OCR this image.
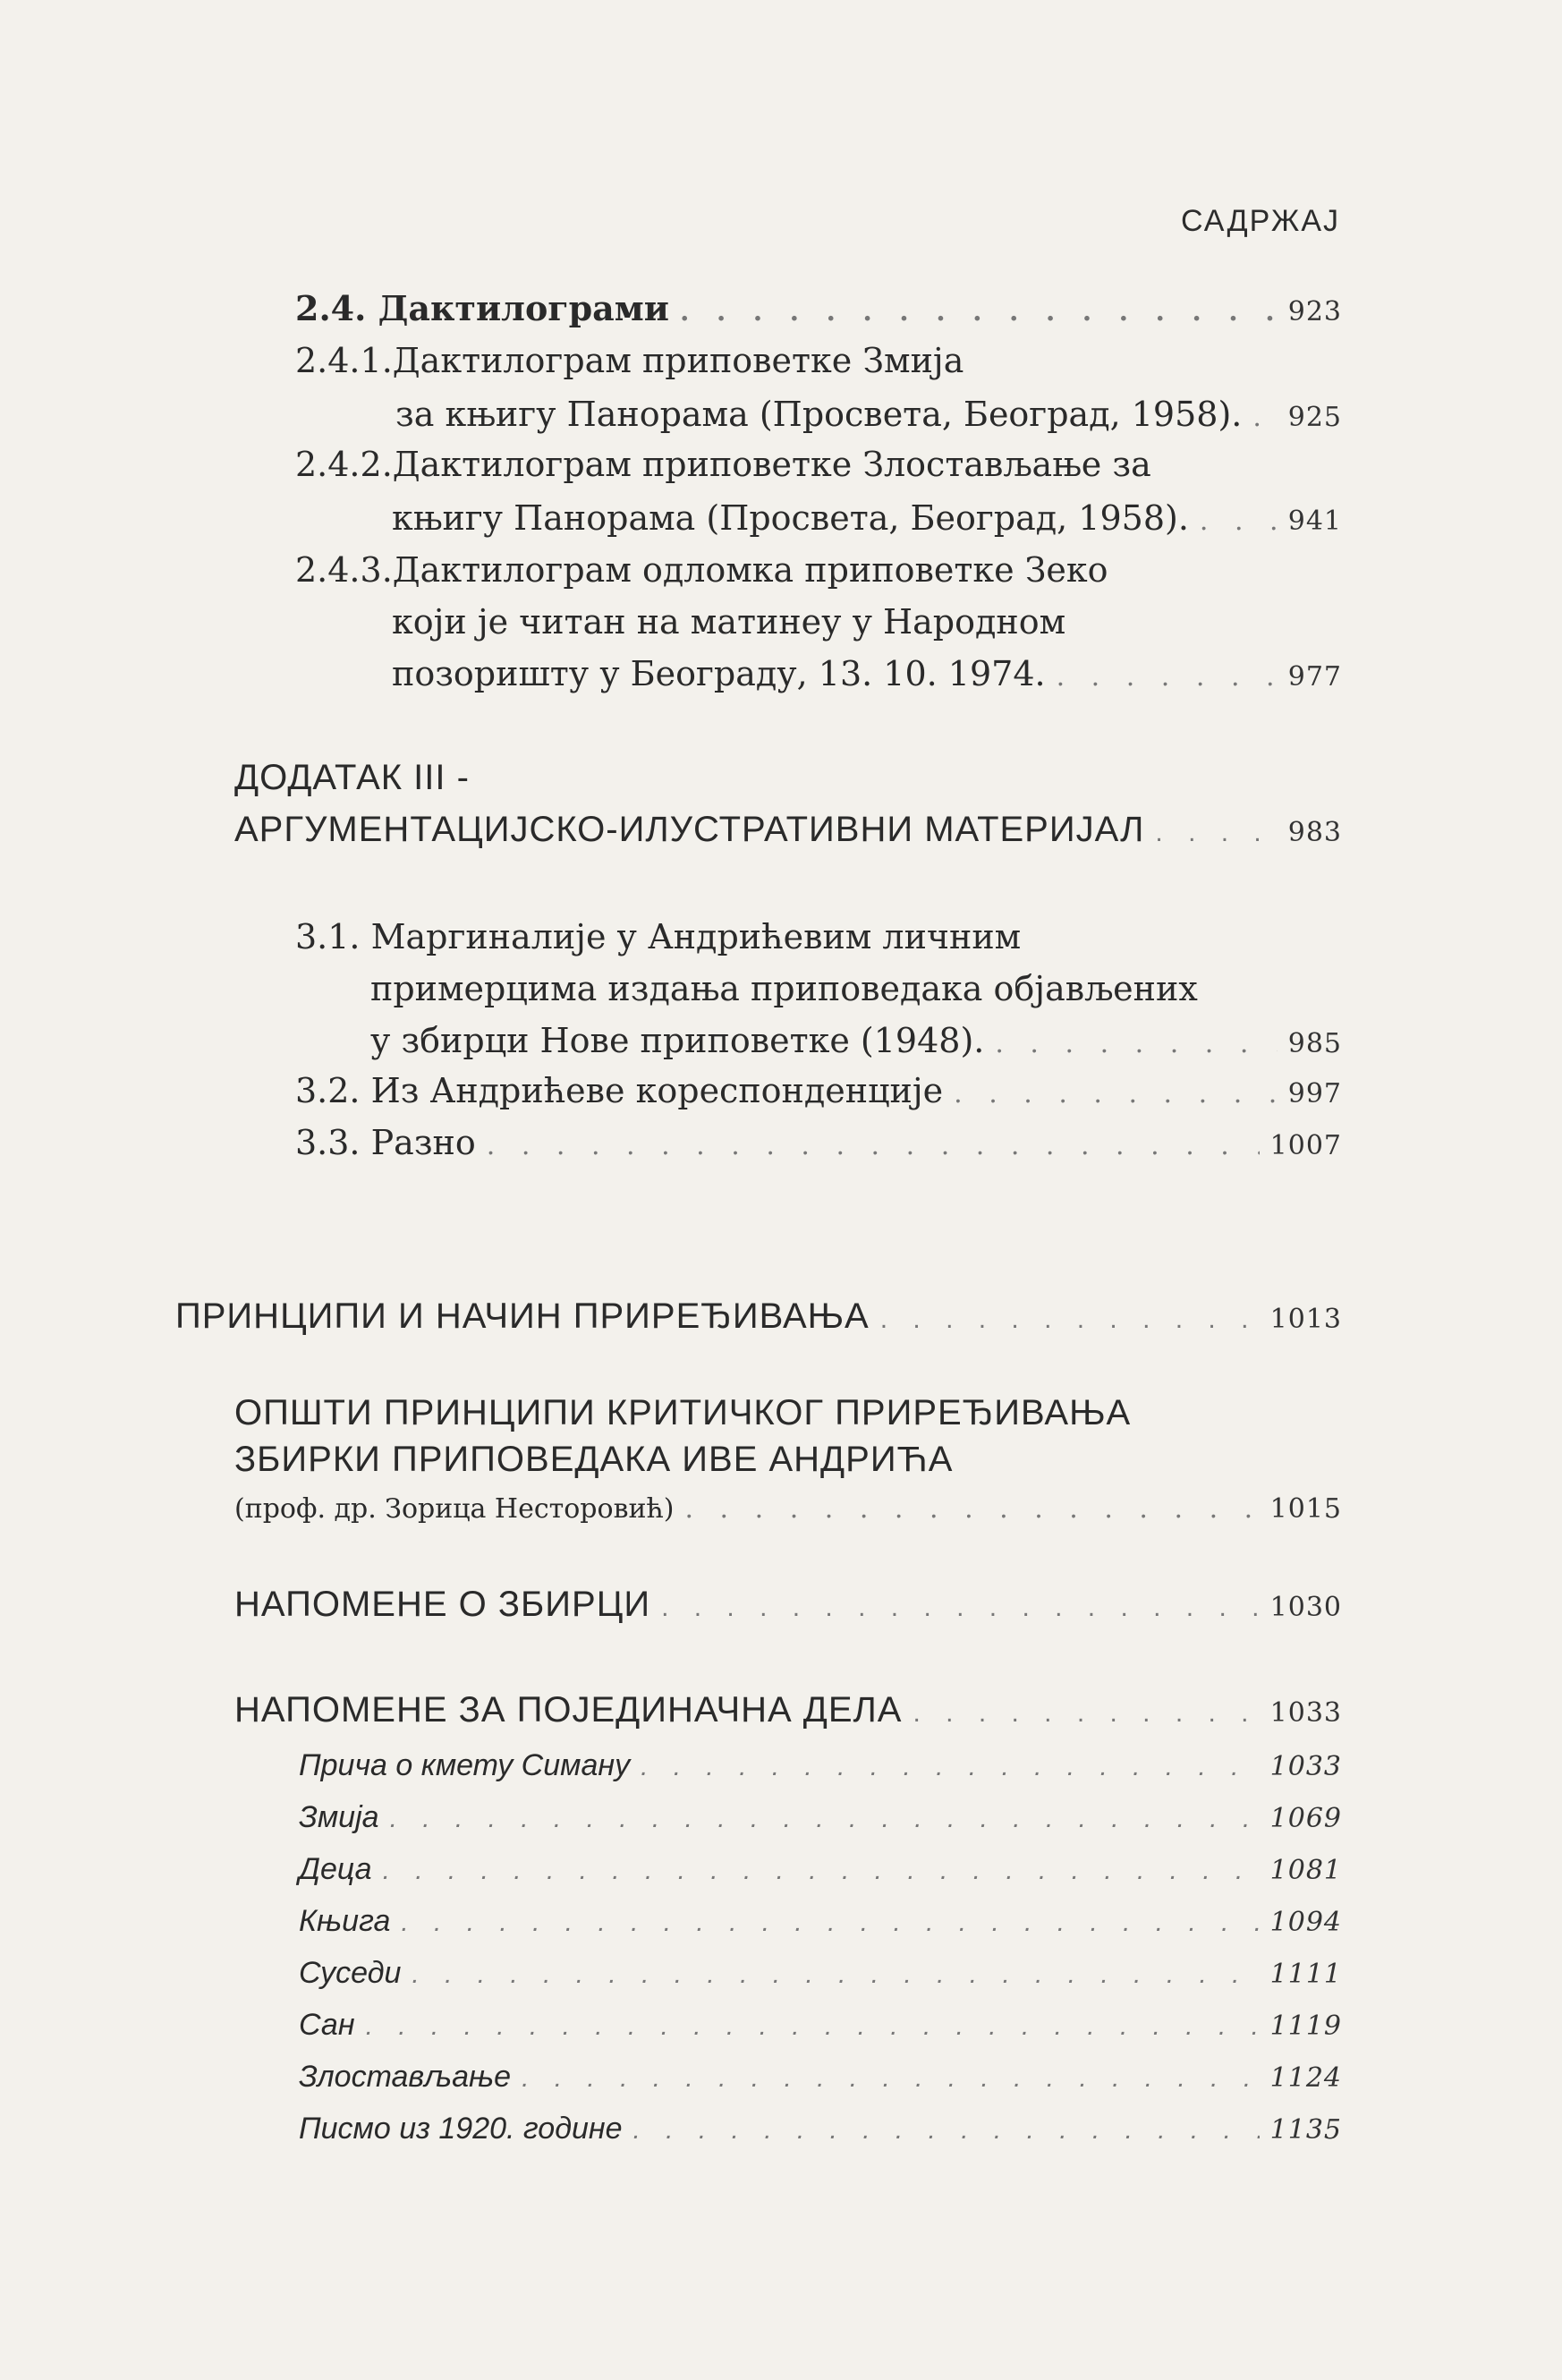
САДРЖАЈ
2.4. Дактилограми . . .	923
2.4.1.Дактилограм приповетке Змија
за књигу Панорама (Просвета, Београд, 1958). . . . 925
2.4.2.Дактилограм приповетке Злостављање за
књигу Панорама (Просвета, Београд, 1958). . . .	941
2.4.3.Дактилограм одломка приповетке Зеко
који је читан на матинеу у Народном
позоришту у Београду, 13. 10. 1974. . . .	977
ДОДАТАК III -
АРГУМЕНТАЦИЈСКО-ИЛУСТРАТИВНИ МАТЕРИЈАЛ . . .	983
3.1. Маргиналије у Андрићевим личним
примерцима издања приповедака објављених
у збирци Нове приповетке (1948). . . .	985
3.2. Из Андрићеве кореспонденције . . .	997
3.3. Разно . . .	1007
ПРИНЦИПИ И НАЧИН ПРИРЕЂИВАЊА . . .	1013
ОПШТИ ПРИНЦИПИ КРИТИЧКОГ ПРИРЕЂИВАЊА
ЗБИРКИ ПРИПОВЕДАКА ИВЕ АНДРИЋА
(проф. др. Зорица Несторовић) . . .	1015
НАПОМЕНЕ О ЗБИРЦИ . . .	1030
НАПОМЕНЕ ЗА ПОЈЕДИНАЧНА ДЕЛА . . .	1033
Прича о кмету Симану . . .	1033
Змија . . .	1069
Деца . . .	1081
Књига . . .	1094
Суседи . . .	1111
Сан . . .	1119
Злостављање . . .	1124
Писмо из 1920. године . . .	1135
